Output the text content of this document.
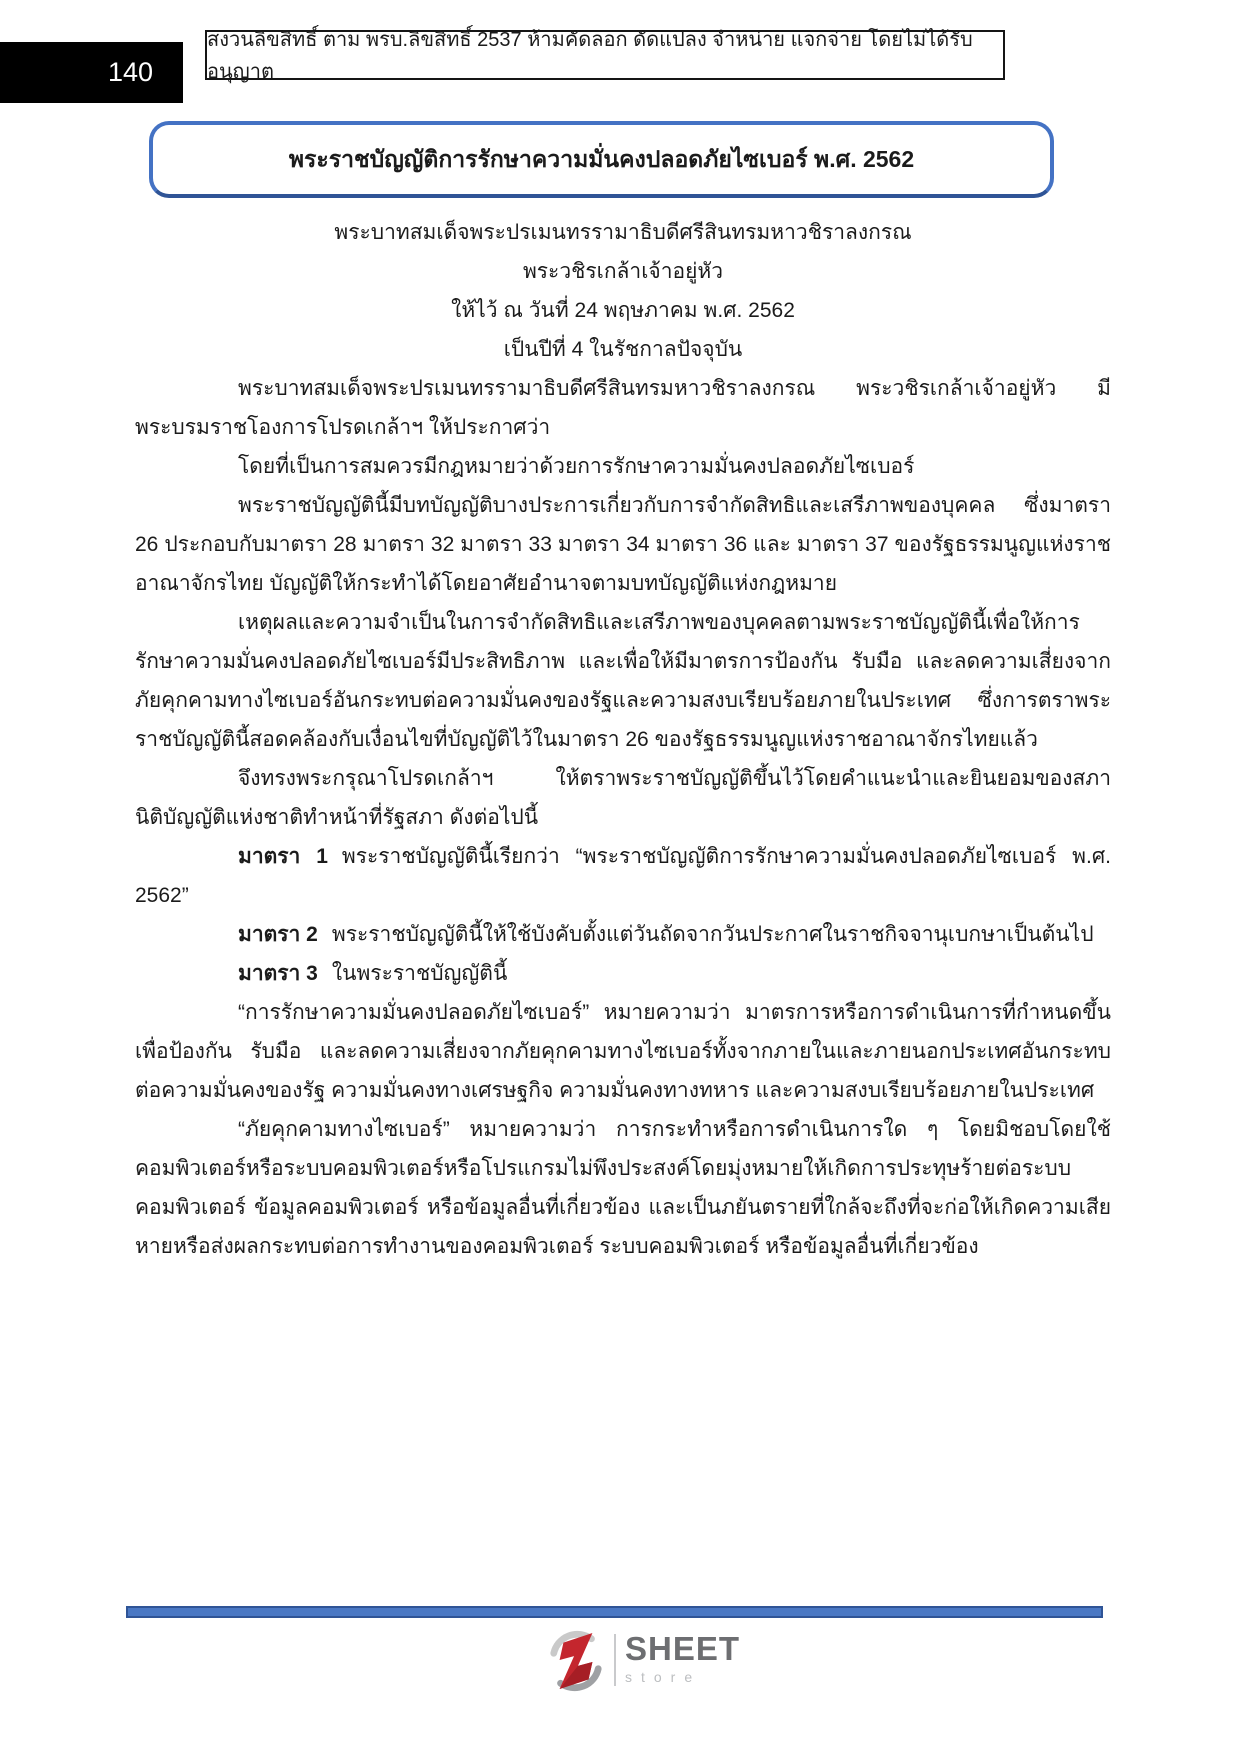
140
สงวนลิขสิทธิ์ ตาม พรบ.ลิขสิทธิ์ 2537 ห้ามคัดลอก ดัดแปลง จำหน่าย แจกจ่าย โดยไม่ได้รับอนุญาต
พระราชบัญญัติการรักษาความมั่นคงปลอดภัยไซเบอร์ พ.ศ. 2562
พระบาทสมเด็จพระปรเมนทรรามาธิบดีศรีสินทรมหาวชิราลงกรณ
พระวชิรเกล้าเจ้าอยู่หัว
ให้ไว้ ณ วันที่ 24 พฤษภาคม พ.ศ. 2562
เป็นปีที่ 4 ในรัชกาลปัจจุบัน

พระบาทสมเด็จพระปรเมนทรรามาธิบดีศรีสินทรมหาวชิราลงกรณ พระวชิรเกล้าเจ้าอยู่หัว มีพระบรมราชโองการโปรดเกล้าฯ ให้ประกาศว่า

โดยที่เป็นการสมควรมีกฎหมายว่าด้วยการรักษาความมั่นคงปลอดภัยไซเบอร์

พระราชบัญญัตินี้มีบทบัญญัติบางประการเกี่ยวกับการจำกัดสิทธิและเสรีภาพของบุคคล ซึ่งมาตรา 26 ประกอบกับมาตรา 28 มาตรา 32 มาตรา 33 มาตรา 34 มาตรา 36 และ มาตรา 37 ของรัฐธรรมนูญแห่งราชอาณาจักรไทย บัญญัติให้กระทำได้โดยอาศัยอำนาจตามบทบัญญัติแห่งกฎหมาย

เหตุผลและความจำเป็นในการจำกัดสิทธิและเสรีภาพของบุคคลตามพระราชบัญญัตินี้เพื่อให้การรักษาความมั่นคงปลอดภัยไซเบอร์มีประสิทธิภาพ และเพื่อให้มีมาตรการป้องกัน รับมือ และลดความเสี่ยงจากภัยคุกคามทางไซเบอร์อันกระทบต่อความมั่นคงของรัฐและความสงบเรียบร้อยภายในประเทศ ซึ่งการตราพระราชบัญญัตินี้สอดคล้องกับเงื่อนไขที่บัญญัติไว้ในมาตรา 26 ของรัฐธรรมนูญแห่งราชอาณาจักรไทยแล้ว

จึงทรงพระกรุณาโปรดเกล้าฯ ให้ตราพระราชบัญญัติขึ้นไว้โดยคำแนะนำและยินยอมของสภานิติบัญญัติแห่งชาติทำหน้าที่รัฐสภา ดังต่อไปนี้

มาตรา 1 พระราชบัญญัตินี้เรียกว่า “พระราชบัญญัติการรักษาความมั่นคงปลอดภัยไซเบอร์ พ.ศ. 2562”

มาตรา 2 พระราชบัญญัตินี้ให้ใช้บังคับตั้งแต่วันถัดจากวันประกาศในราชกิจจานุเบกษาเป็นต้นไป

มาตรา 3 ในพระราชบัญญัตินี้

“การรักษาความมั่นคงปลอดภัยไซเบอร์” หมายความว่า มาตรการหรือการดำเนินการที่กำหนดขึ้นเพื่อป้องกัน รับมือ และลดความเสี่ยงจากภัยคุกคามทางไซเบอร์ทั้งจากภายในและภายนอกประเทศอันกระทบต่อความมั่นคงของรัฐ ความมั่นคงทางเศรษฐกิจ ความมั่นคงทางทหาร และความสงบเรียบร้อยภายในประเทศ

“ภัยคุกคามทางไซเบอร์” หมายความว่า การกระทำหรือการดำเนินการใด ๆ โดยมิชอบโดยใช้คอมพิวเตอร์หรือระบบคอมพิวเตอร์หรือโปรแกรมไม่พึงประสงค์โดยมุ่งหมายให้เกิดการประทุษร้ายต่อระบบคอมพิวเตอร์ ข้อมูลคอมพิวเตอร์ หรือข้อมูลอื่นที่เกี่ยวข้อง และเป็นภยันตรายที่ใกล้จะถึงที่จะก่อให้เกิดความเสียหายหรือส่งผลกระทบต่อการทำงานของคอมพิวเตอร์ ระบบคอมพิวเตอร์ หรือข้อมูลอื่นที่เกี่ยวข้อง

SHEET
store
